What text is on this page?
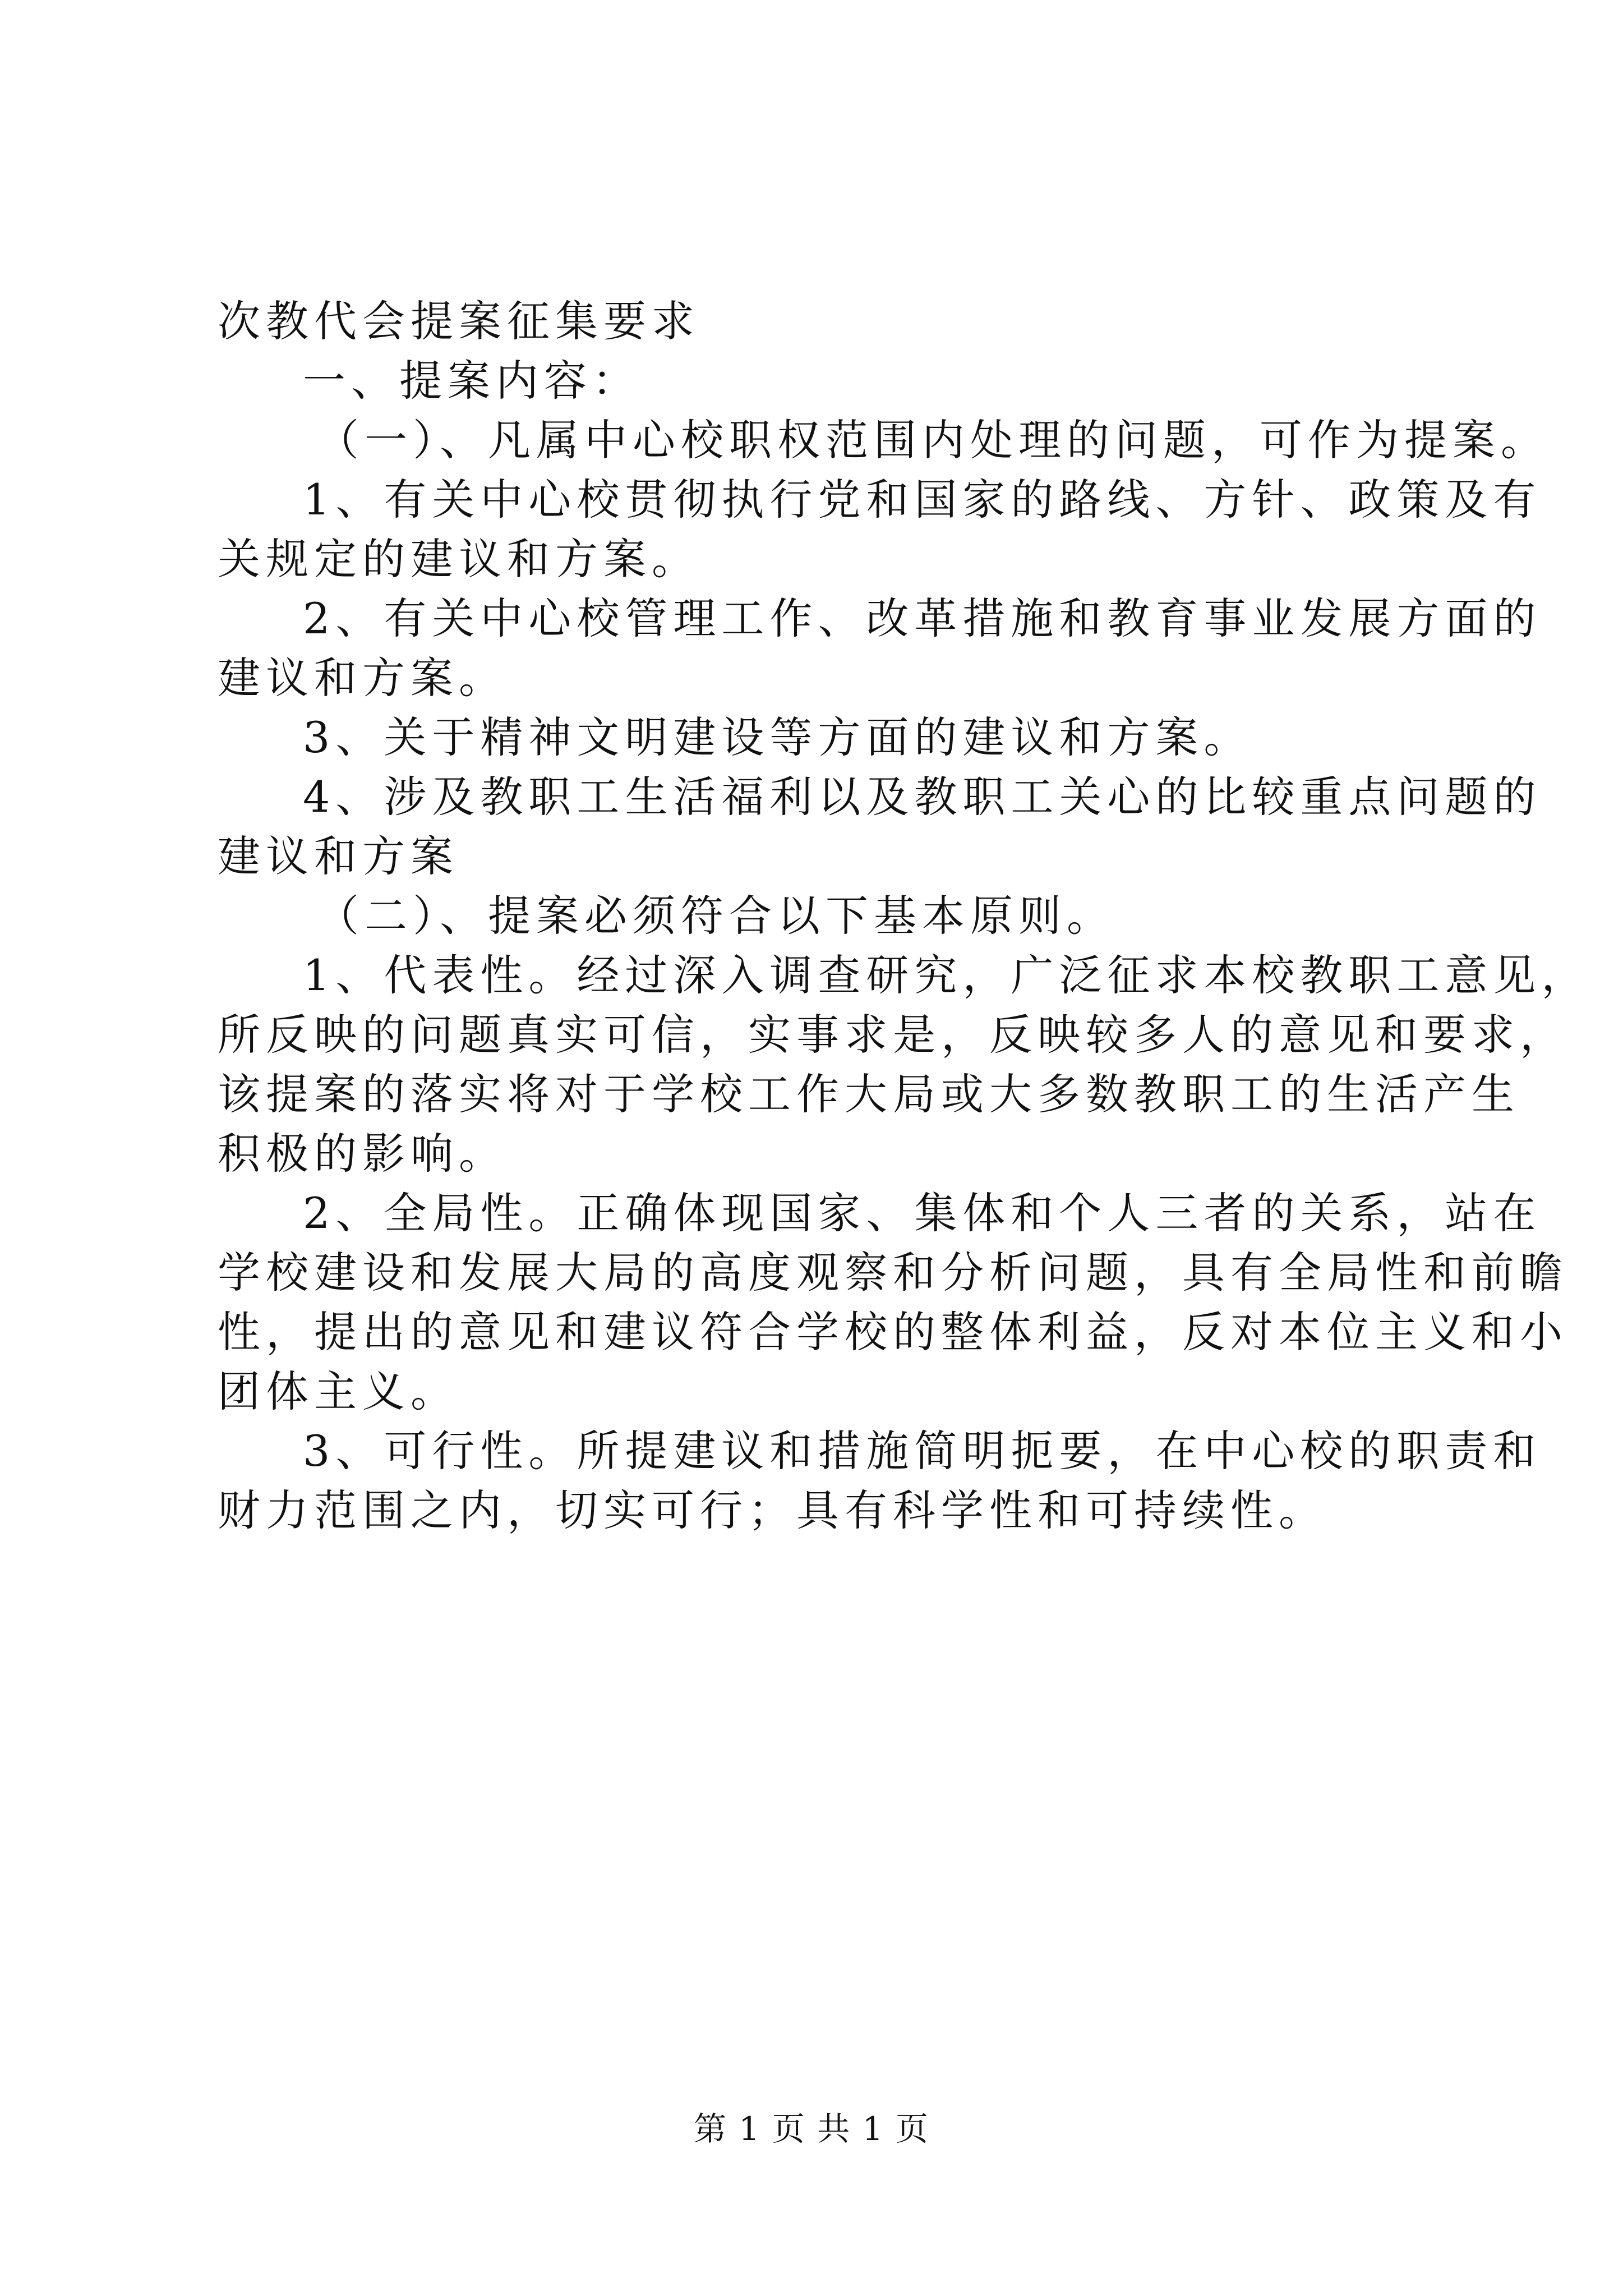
次教代会提案征集要求

一、提案内容：

（一）、凡属中心校职权范围内处理的问题，可作为提案。

1、有关中心校贯彻执行党和国家的路线、方针、政策及有

关规定的建议和方案。

2、有关中心校管理工作、改革措施和教育事业发展方面的

建议和方案。

3、关于精神文明建设等方面的建议和方案。

4、涉及教职工生活福利以及教职工关心的比较重点问题的

建议和方案

（二）、提案必须符合以下基本原则。

1、代表性。经过深入调查研究，广泛征求本校教职工意见，

所反映的问题真实可信，实事求是，反映较多人的意见和要求，

该提案的落实将对于学校工作大局或大多数教职工的生活产生

积极的影响。

2、全局性。正确体现国家、集体和个人三者的关系，站在

学校建设和发展大局的高度观察和分析问题，具有全局性和前瞻

性，提出的意见和建议符合学校的整体利益，反对本位主义和小

团体主义。

3、可行性。所提建议和措施简明扼要，在中心校的职责和

财力范围之内，切实可行；具有科学性和可持续性。

第 1 页 共 1 页
